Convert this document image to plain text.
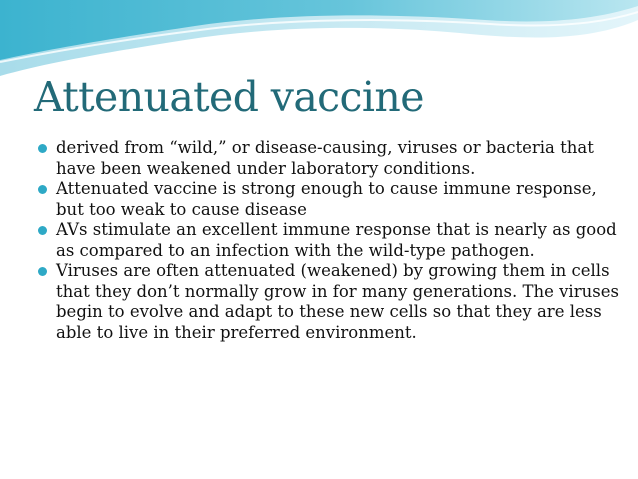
Attenuated vaccine
derived from “wild,” or disease-causing, viruses or bacteria that have been weakened under laboratory conditions.
Attenuated vaccine is strong enough to cause immune response, but too weak to cause disease
AVs stimulate an excellent immune response that is nearly as good as compared to an infection with the wild-type pathogen.
Viruses are often attenuated (weakened) by growing them in cells that they don’t normally grow in for many generations. The viruses begin to evolve and adapt to these new cells so that they are less able to live in their preferred environment.
